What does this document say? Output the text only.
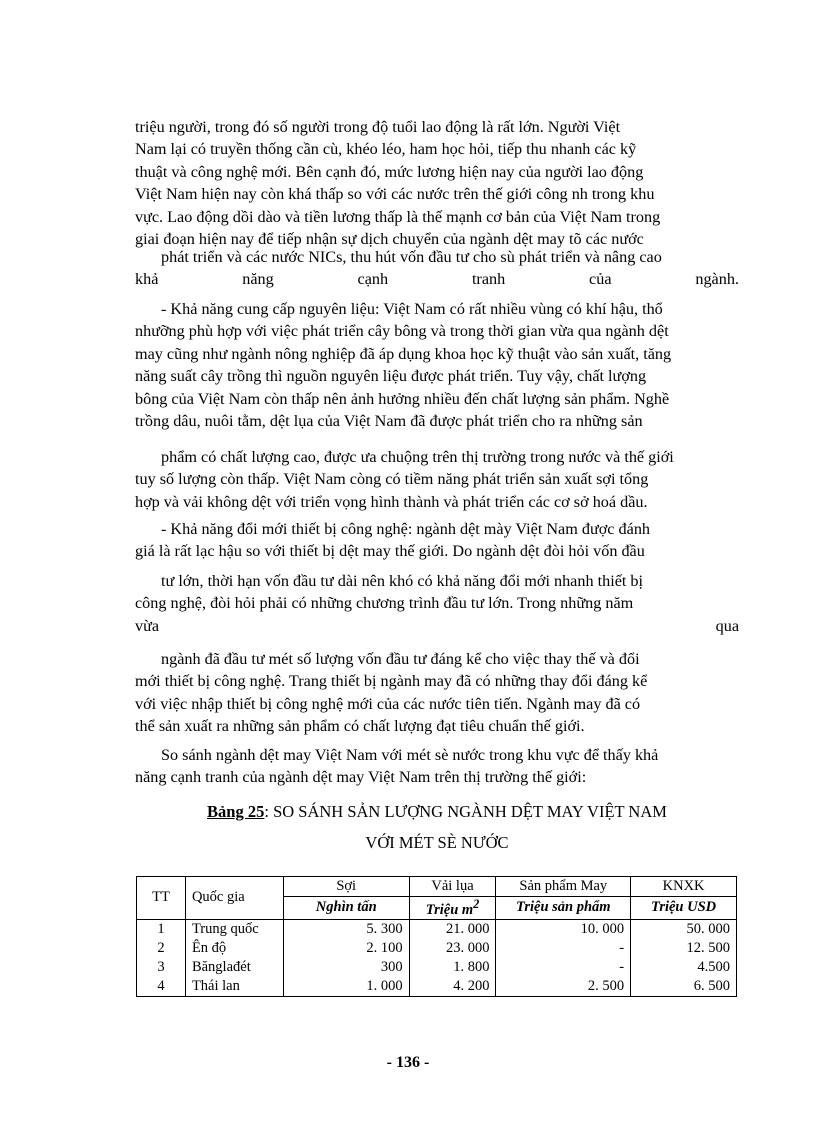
triệu người, trong đó số người trong độ tuổi lao động là rất lớn. Người Việt
Nam lại có truyền thống cần cù, khéo léo, ham học hỏi, tiếp thu nhanh các kỹ
thuật và công nghệ mới. Bên cạnh đó, mức lương hiện nay của người lao động
Việt Nam hiện nay còn khá thấp so với các nước trên thế giới công nh trong khu
vực. Lao động dồi dào và tiền lương thấp là thế mạnh cơ bản của Việt Nam trong
giai đoạn hiện nay để tiếp nhận sự dịch chuyển của ngành dệt may tõ các nước
phát triển và các nước NICs, thu hút vốn đầu tư cho sù phát triển và nâng cao
khả	năng	cạnh	tranh	của	ngành.
- Khả năng cung cấp nguyên liệu: Việt Nam có rất nhiều vùng có khí hậu, thổ
nhưỡng phù hợp với việc phát triển cây bông và trong thời gian vừa qua ngành dệt
may cũng như ngành nông nghiệp đã áp dụng khoa học kỹ thuật vào sản xuất, tăng
năng suất cây trồng thì nguồn nguyên liệu được phát triển. Tuy vậy, chất lượng
bông của Việt Nam còn thấp nên ảnh hưởng nhiều đến chất lượng sản phẩm. Nghề
trồng dâu, nuôi tằm, dệt lụa của Việt Nam đã được phát triển cho ra những sản
phẩm có chất lượng cao, được ưa chuộng trên thị trường trong nước và thế giới
tuy số lượng còn thấp. Việt Nam còng có tiềm năng phát triển sản xuất sợi tổng
hợp và vải không dệt với triển vọng hình thành và phát triển các cơ sở hoá dầu.
- Khả năng đổi mới thiết bị công nghệ: ngành dệt mày Việt Nam được đánh
giá là rất lạc hậu so với thiết bị dệt may thế giới. Do ngành dệt đòi hỏi vốn đầu
tư lớn, thời hạn vốn đầu tư dài nên khó có khả năng đổi mới nhanh thiết bị
công nghệ, đòi hỏi phải có những chương trình đầu tư lớn. Trong những năm
vừa	qua
ngành đã đầu tư mét số lượng vốn đầu tư đáng kể cho việc thay thế và đổi
mới thiết bị công nghệ. Trang thiết bị ngành may đã có những thay đổi đáng kể
với việc nhập thiết bị công nghệ mới của các nước tiên tiến. Ngành may đã có
thể sản xuất ra những sản phẩm có chất lượng đạt tiêu chuẩn thế giới.
So sánh ngành dệt may Việt Nam với mét sè nước trong khu vực để thấy khả
năng cạnh tranh của ngành dệt may Việt Nam trên thị trường thế giới:
Bảng 25: SO SÁNH SẢN LƯỢNG NGÀNH DỆT MAY VIỆT NAM
VỚI MÉT SÈ NƯỚC
TT	Quốc gia	Sợi	Vải lụa	Sản phẩm May	KNXK
		Nghìn tấn	Triệu $m^2$	Triệu sản phẩm	Triệu USD
1	Trung quốc	5. 300	21. 000	10. 000	50. 000
2	Ên độ	2. 100	23. 000	-	12. 500
3	Bănglađét	300	1. 800	-	4.500
4	Thái lan	1. 000	4. 200	2. 500	6. 500
- 136 -
